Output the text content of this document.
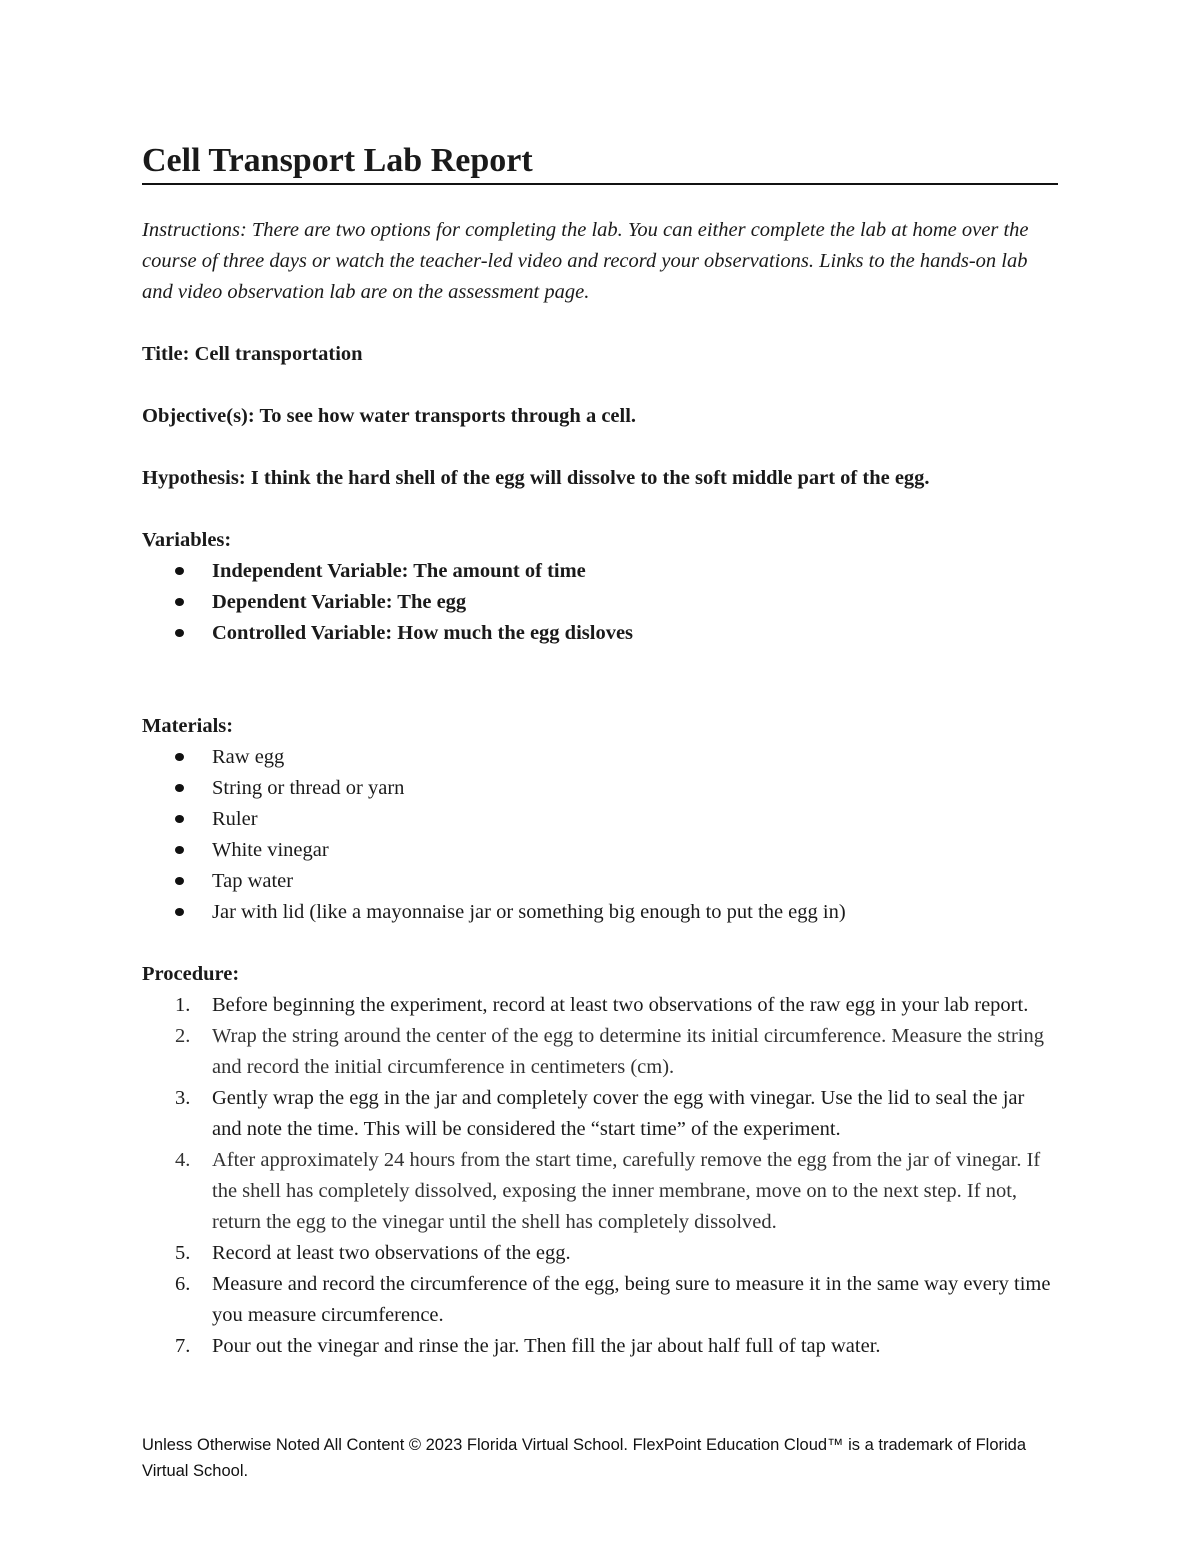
Cell Transport Lab Report

Instructions: There are two options for completing the lab. You can either complete the lab at home over the course of three days or watch the teacher-led video and record your observations. Links to the hands-on lab and video observation lab are on the assessment page.

Title: Cell transportation

Objective(s): To see how water transports through a cell.

Hypothesis: I think the hard shell of the egg will dissolve to the soft middle part of the egg.

Variables:

Independent Variable: The amount of time
Dependent Variable: The egg
Controlled Variable: How much the egg disloves

Materials:

Raw egg
String or thread or yarn
Ruler
White vinegar
Tap water
Jar with lid (like a mayonnaise jar or something big enough to put the egg in)

Procedure:

1. Before beginning the experiment, record at least two observations of the raw egg in your lab report.
2. Wrap the string around the center of the egg to determine its initial circumference. Measure the string and record the initial circumference in centimeters (cm).
3. Gently wrap the egg in the jar and completely cover the egg with vinegar. Use the lid to seal the jar and note the time. This will be considered the “start time” of the experiment.
4. After approximately 24 hours from the start time, carefully remove the egg from the jar of vinegar. If the shell has completely dissolved, exposing the inner membrane, move on to the next step. If not, return the egg to the vinegar until the shell has completely dissolved.
5. Record at least two observations of the egg.
6. Measure and record the circumference of the egg, being sure to measure it in the same way every time you measure circumference.
7. Pour out the vinegar and rinse the jar. Then fill the jar about half full of tap water.
Unless Otherwise Noted All Content © 2023 Florida Virtual School. FlexPoint Education Cloud™ is a trademark of Florida Virtual School.
